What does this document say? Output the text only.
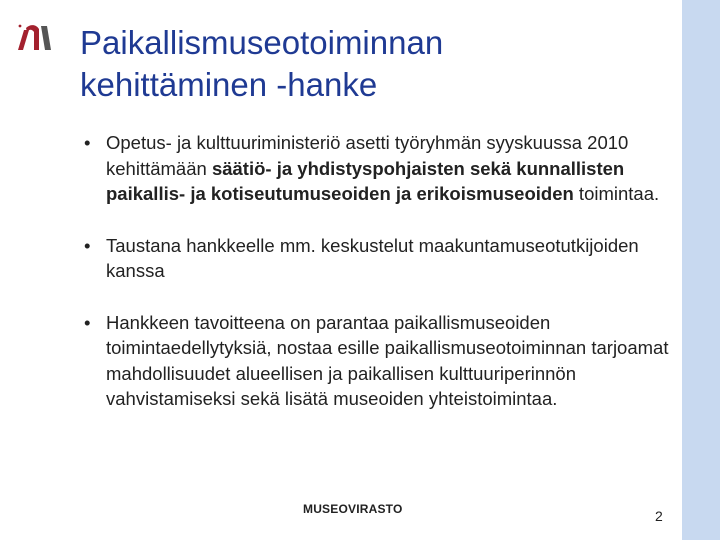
Paikallismuseotoiminnan
kehittäminen -hanke
• Opetus- ja kulttuuriministeriö asetti työryhmän syyskuussa 2010 kehittämään säätiö- ja yhdistyspohjaisten sekä kunnallisten paikallis- ja kotiseutumuseoiden ja erikoismuseoiden toimintaa.
• Taustana hankkeelle mm. keskustelut maakuntamuseotutkijoiden kanssa
• Hankkeen tavoitteena on parantaa paikallismuseoiden toimintaedellytyksiä, nostaa esille paikallismuseotoiminnan tarjoamat mahdollisuudet alueellisen ja paikallisen kulttuuriperinnön vahvistamiseksi sekä lisätä museoiden yhteistoimintaa.
MUSEOVIRASTO	2
